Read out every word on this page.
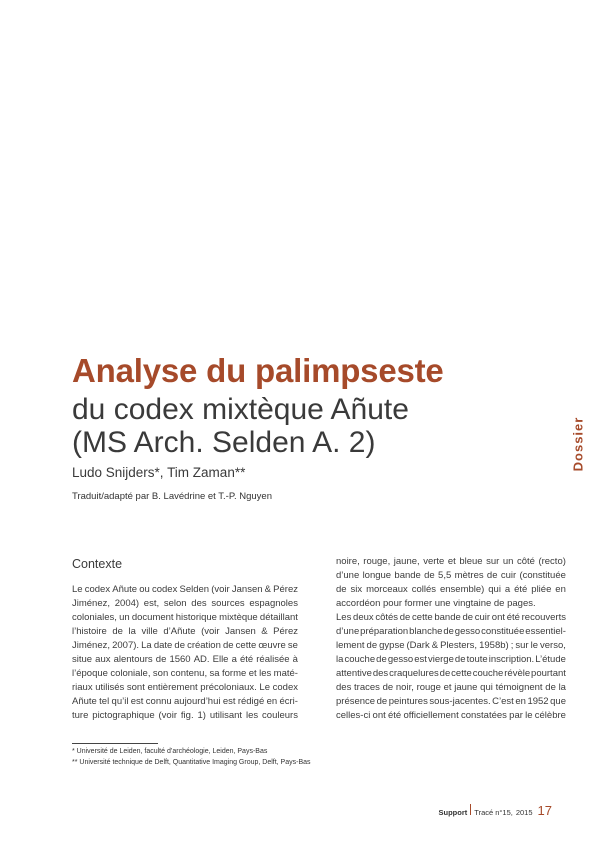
Analyse du palimpseste
du codex mixtèque Añute
(MS Arch. Selden A. 2)
Ludo Snijders*, Tim Zaman**
Traduit/adapté par B. Lavédrine et T.-P. Nguyen
Dossier
Contexte
Le codex Añute ou codex Selden (voir Jansen & Pérez
Jiménez, 2004) est, selon des sources espagnoles
coloniales, un document historique mixtèque détaillant
l’histoire de la ville d’Añute (voir Jansen & Pérez
Jiménez, 2007). La date de création de cette œuvre se
situe aux alentours de 1560 AD. Elle a été réalisée à
l’époque coloniale, son contenu, sa forme et les maté-
riaux utilisés sont entièrement précoloniaux. Le codex
Añute tel qu’il est connu aujourd’hui est rédigé en écri-
ture pictographique (voir fig. 1) utilisant les couleurs
noire, rouge, jaune, verte et bleue sur un côté (recto)
d’une longue bande de 5,5 mètres de cuir (constituée
de six morceaux collés ensemble) qui a été pliée en
accordéon pour former une vingtaine de pages.
Les deux côtés de cette bande de cuir ont été recouverts
d’une préparation blanche de gesso constituée essentiel-
lement de gypse (Dark & Plesters, 1958b) ; sur le verso,
la couche de gesso est vierge de toute inscription. L’étude
attentive des craquelures de cette couche révèle pourtant
des traces de noir, rouge et jaune qui témoignent de la
présence de peintures sous-jacentes. C’est en 1952 que
celles-ci ont été officiellement constatées par le célèbre
* Université de Leiden, faculté d’archéologie, Leiden, Pays-Bas
** Université technique de Delft, Quantitative Imaging Group, Delft, Pays-Bas
Support Tracé n°15, 2015 17
